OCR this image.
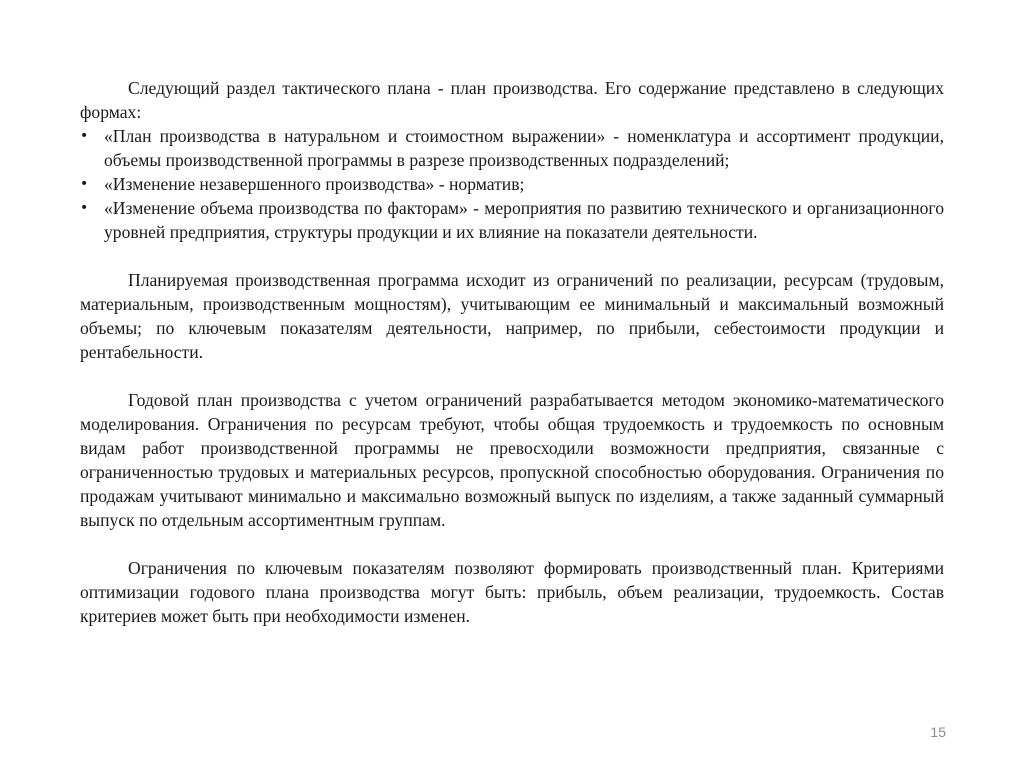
Следующий раздел тактического плана - план производства. Его содержание представлено в следующих формах:

• «План производства в натуральном и стоимостном выражении» - номенклатура и ассортимент продукции, объемы производственной программы в разрезе производственных подразделений;
• «Изменение незавершенного производства» - норматив;
• «Изменение объема производства по факторам» - мероприятия по развитию технического и организационного уровней предприятия, структуры продукции и их влияние на показатели деятельности.

Планируемая производственная программа исходит из ограничений по реализации, ресурсам (трудовым, материальным, производственным мощностям), учитывающим ее минимальный и максимальный возможный объемы; по ключевым показателям деятельности, например, по прибыли, себестоимости продукции и рентабельности.

Годовой план производства с учетом ограничений разрабатывается методом экономико-математического моделирования. Ограничения по ресурсам требуют, чтобы общая трудоемкость и трудоемкость по основным видам работ производственной программы не превосходили возможности предприятия, связанные с ограниченностью трудовых и материальных ресурсов, пропускной способностью оборудования. Ограничения по продажам учитывают минимально и максимально возможный выпуск по изделиям, а также заданный суммарный выпуск по отдельным ассортиментным группам.

Ограничения по ключевым показателям позволяют формировать производственный план. Критериями оптимизации годового плана производства могут быть: прибыль, объем реализации, трудоемкость. Состав критериев может быть при необходимости изменен.

15
